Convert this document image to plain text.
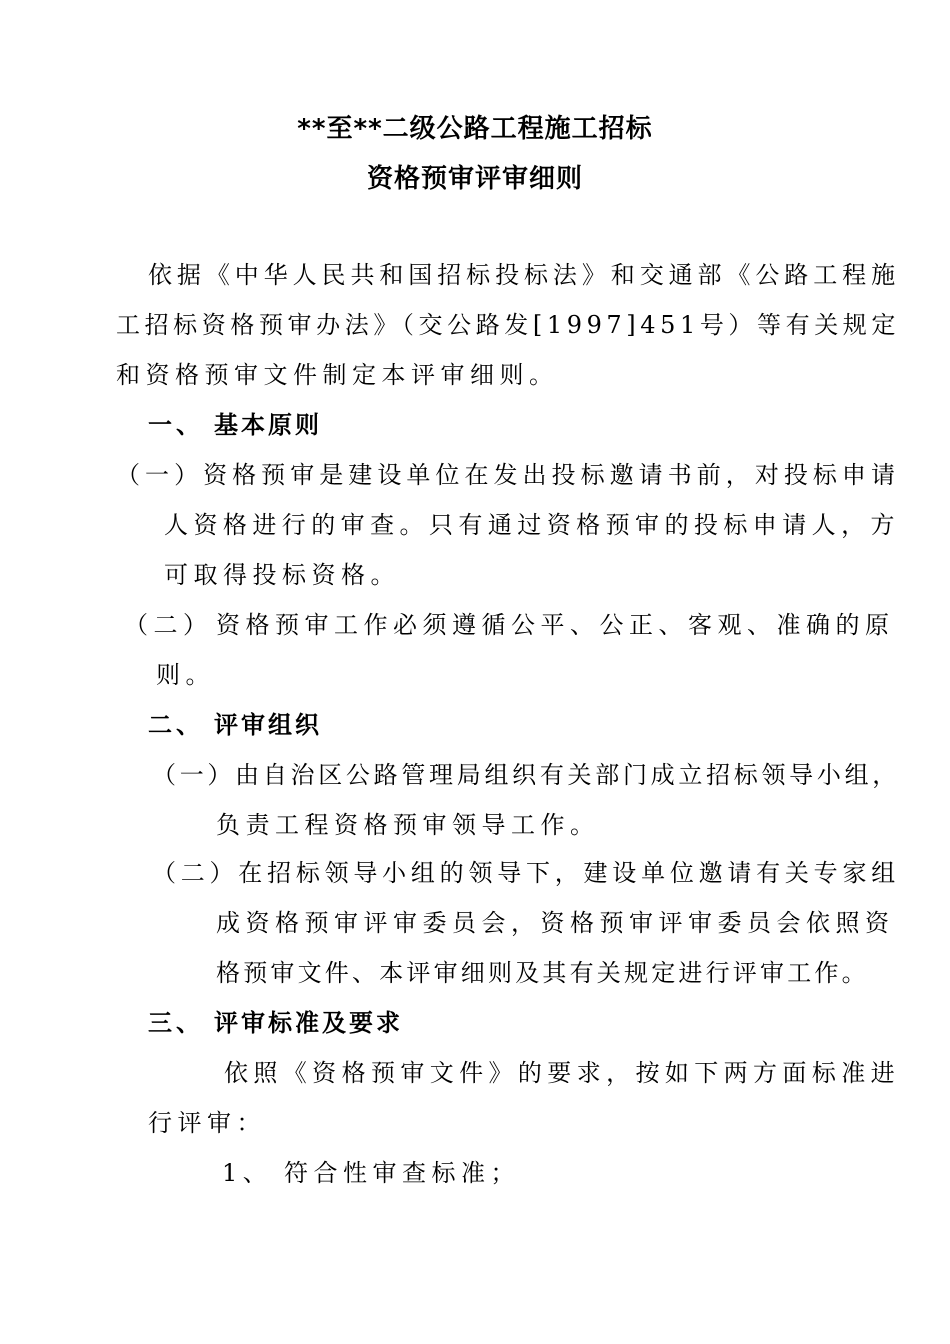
**至**二级公路工程施工招标
资格预审评审细则
依据《中华人民共和国招标投标法》和交通部《公路工程施
工招标资格预审办法》（交公路发[1997]451号）等有关规定
和资格预审文件制定本评审细则。
一、 基本原则
（一）资格预审是建设单位在发出投标邀请书前，对投标申请
人资格进行的审查。只有通过资格预审的投标申请人，方
可取得投标资格。
（二） 资格预审工作必须遵循公平、公正、客观、准确的原
则。
二、 评审组织
（一）由自治区公路管理局组织有关部门成立招标领导小组，
负责工程资格预审领导工作。
（二）在招标领导小组的领导下，建设单位邀请有关专家组
成资格预审评审委员会，资格预审评审委员会依照资
格预审文件、本评审细则及其有关规定进行评审工作。
三、 评审标准及要求
依照《资格预审文件》的要求，按如下两方面标准进
行评审：
1、 符合性审查标准；
